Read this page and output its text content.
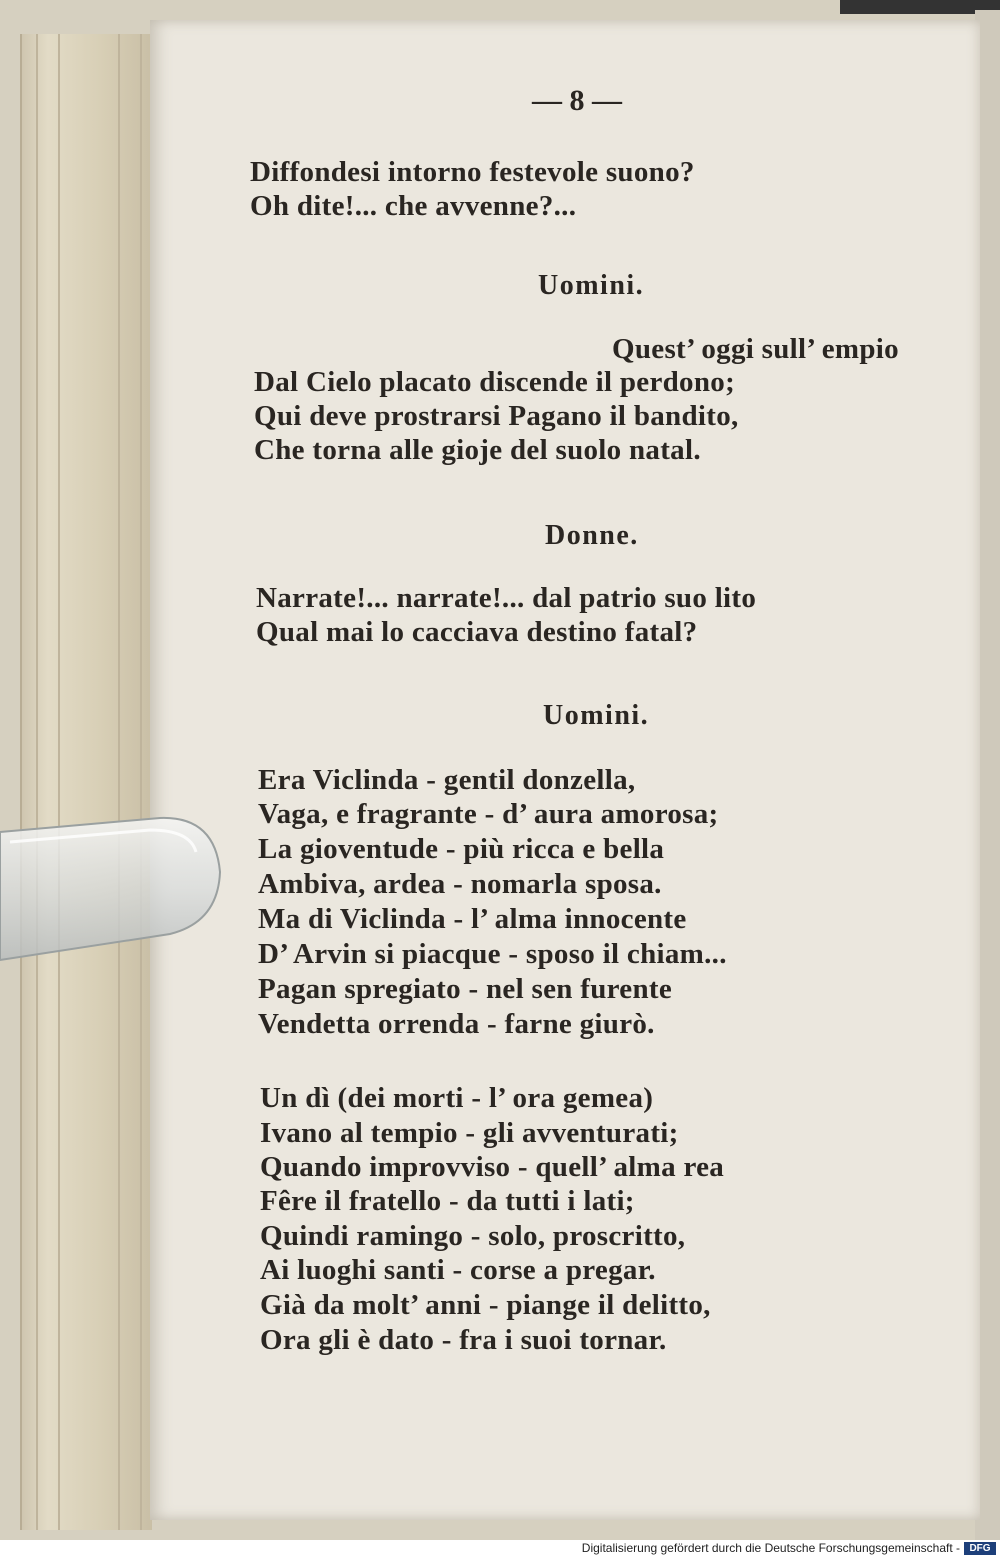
— 8 —
Diffondesi intorno festevole suono?
Oh dite!... che avvenne?...
Uomini.
Quest’ oggi sull’ empio
Dal Cielo placato discende il perdono;
Qui deve prostrarsi Pagano il bandito,
Che torna alle gioje del suolo natal.
Donne.
Narrate!... narrate!... dal patrio suo lito
Qual mai lo cacciava destino fatal?
Uomini.
Era Viclinda - gentil donzella,
Vaga, e fragrante - d’ aura amorosa;
La gioventude - più ricca e bella
Ambiva, ardea - nomarla sposa.
Ma di Viclinda - l’ alma innocente
D’ Arvin si piacque - sposo il chiam...
Pagan spregiato - nel sen furente
Vendetta orrenda - farne giurò.
Un dì (dei morti - l’ ora gemea)
Ivano al tempio - gli avventurati;
Quando improvviso - quell’ alma rea
Fêre il fratello - da tutti i lati;
Quindi ramingo - solo, proscritto,
Ai luoghi santi - corse a pregar.
Già da molt’ anni - piange il delitto,
Ora gli è dato - fra i suoi tornar.
Digitalisierung gefördert durch die Deutsche Forschungsgemeinschaft - DFG
